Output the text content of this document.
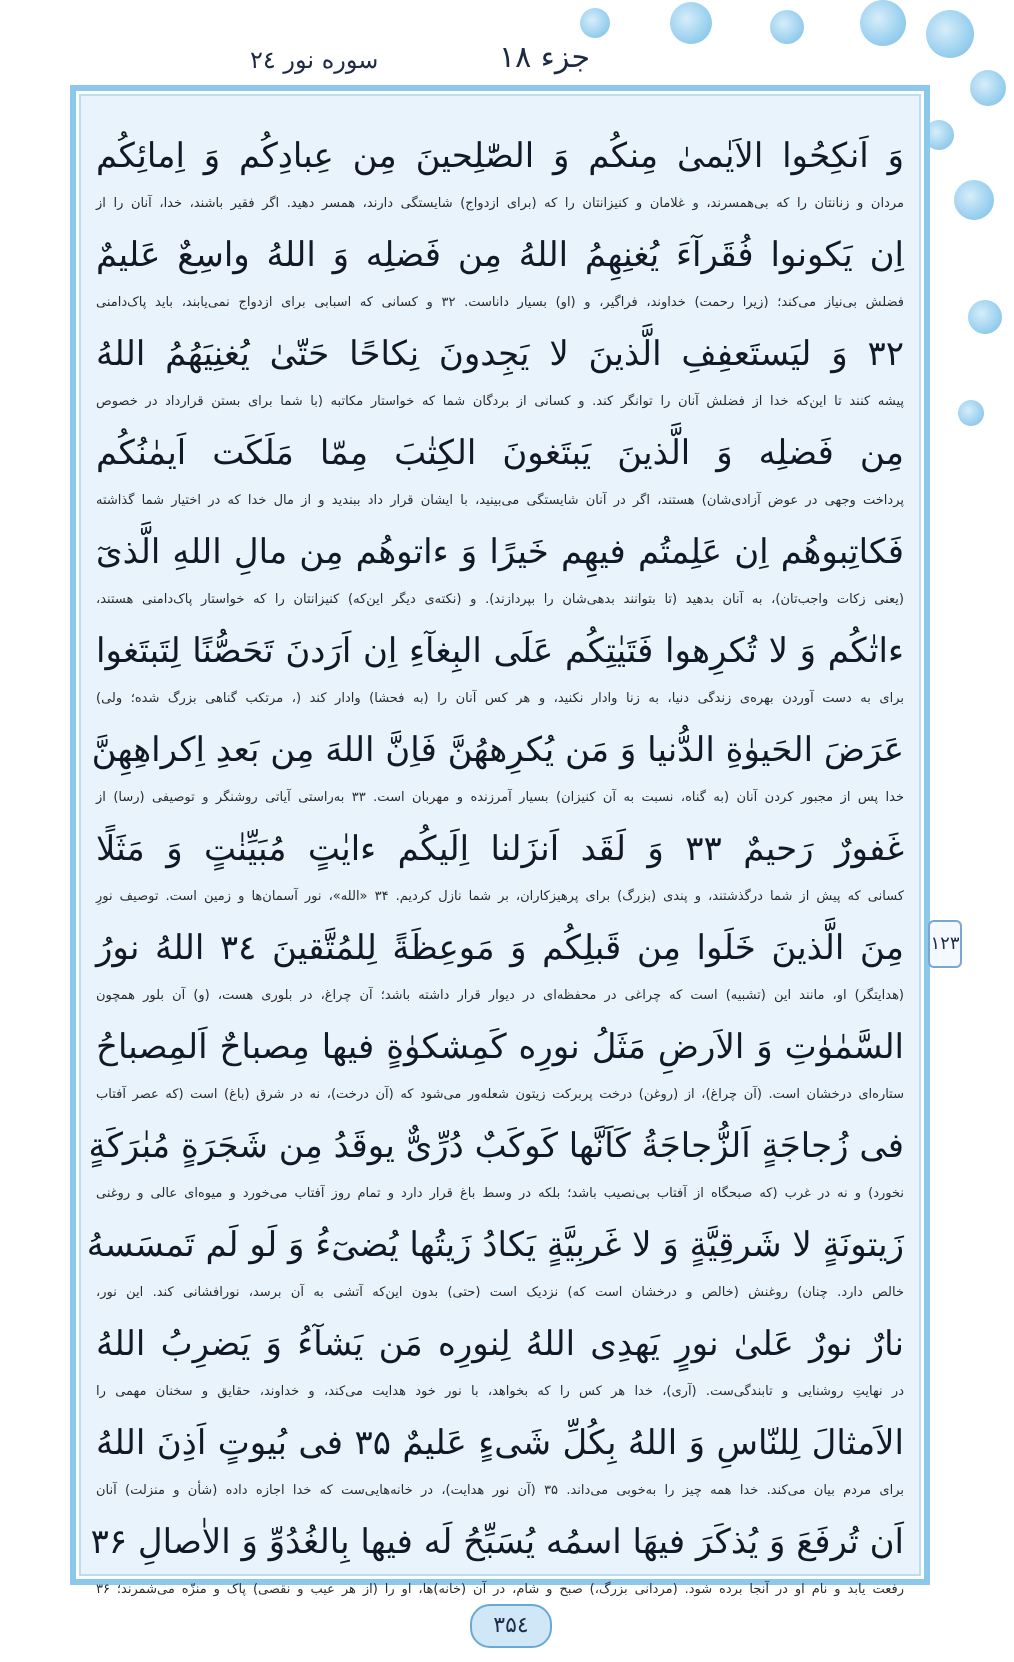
جزء ۱۸
سوره نور ۲٤
۱۲۳
وَ اَنکِحُوا الاَیٰمیٰ مِنکُم وَ الصّٰلِحینَ مِن عِبادِکُم وَ اِمائِکُم
مردان و زنانتان را که بی‌همسرند، و غلامان و کنیزانتان را که (برای ازدواج) شایستگی دارند، همسر دهید. اگر فقیر باشند، خدا، آنان را از
اِن یَکونوا فُقَرآءَ یُغنِهِمُ اللهُ مِن فَضلِه وَ اللهُ واسِعٌ عَلیمٌ
فضلش بی‌نیاز می‌کند؛ (زیرا رحمت) خداوند، فراگیر، و (او) بسیار داناست. ۳۲ و کسانی که اسبابی برای ازدواج نمی‌یابند، باید پاک‌دامنی
۳۲ وَ لیَستَعفِفِ الَّذینَ لا یَجِدونَ نِکاحًا حَتّیٰ یُغنِیَهُمُ اللهُ
پیشه کنند تا این‌که خدا از فضلش آنان را توانگر کند. و کسانی از بردگان شما که خواستار مکاتبه (با شما برای بستن قرارداد در خصوص
مِن فَضلِه وَ الَّذینَ یَبتَغونَ الکِتٰبَ مِمّا مَلَکَت اَیمٰنُکُم
پرداخت وجهی در عوض آزادی‌شان) هستند، اگر در آنان شایستگی می‌بینید، با ایشان قرار داد ببندید و از مال خدا که در اختیار شما گذاشته
فَکاتِبوهُم اِن عَلِمتُم فیهِم خَیرًا وَ ءاتوهُم مِن مالِ اللهِ الَّذیٓ
(یعنی زکات واجب‌تان)، به آنان بدهید (تا بتوانند بدهی‌شان را بپردازند). و (نکته‌ی دیگر این‌که) کنیزانتان را که خواستار پاک‌دامنی هستند،
ءاتٰکُم وَ لا تُکرِهوا فَتَیٰتِکُم عَلَی البِغآءِ اِن اَرَدنَ تَحَصُّنًا لِتَبتَغوا
برای به دست آوردن بهره‌ی زندگی دنیا، به زنا وادار نکنید، و هر کس آنان را (به فحشا) وادار کند (، مرتکب گناهی بزرگ شده؛ ولی)
عَرَضَ الحَیوٰةِ الدُّنیا وَ مَن یُکرِههُنَّ فَاِنَّ اللهَ مِن بَعدِ اِکراهِهِنَّ
خدا پس از مجبور کردن آنان (به گناه، نسبت به آن کنیزان) بسیار آمرزنده و مهربان است. ۳۳ به‌راستی آیاتی روشنگر و توصیفی (رسا) از
غَفورٌ رَحیمٌ ۳۳ وَ لَقَد اَنزَلنا اِلَیکُم ءایٰتٍ مُبَیِّنٰتٍ وَ مَثَلًا
کسانی که پیش از شما درگذشتند، و پندی (بزرگ) برای پرهیزکاران، بر شما نازل کردیم. ۳۴ «الله»، نور آسمان‌ها و زمین است. توصیف نورِ
مِنَ الَّذینَ خَلَوا مِن قَبلِکُم وَ مَوعِظَةً لِلمُتَّقینَ ۳٤ اللهُ نورُ
(هدایتگر) او، مانند این (تشبیه) است که چراغی در محفظه‌ای در دیوار قرار داشته باشد؛ آن چراغ، در بلوری هست، (و) آن بلور همچون
السَّمٰوٰتِ وَ الاَرضِ مَثَلُ نورِه کَمِشکوٰةٍ فیها مِصباحٌ اَلمِصباحُ
ستاره‌ای درخشان است. (آن چراغ)، از (روغن) درخت پربرکت زیتون شعله‌ور می‌شود که (آن درخت)، نه در شرق (باغ) است (که عصر آفتاب
فی زُجاجَةٍ اَلزُّجاجَةُ کَاَنَّها کَوکَبٌ دُرِّیٌّ یوقَدُ مِن شَجَرَةٍ مُبٰرَکَةٍ
نخورد) و نه در غرب (که صبحگاه از آفتاب بی‌نصیب باشد؛ بلکه در وسط باغ قرار دارد و تمام روز آفتاب می‌خورد و میوه‌ای عالی و روغنی
زَیتونَةٍ لا شَرقِیَّةٍ وَ لا غَربِیَّةٍ یَکادُ زَیتُها یُضیٓءُ وَ لَو لَم تَمسَسهُ
خالص دارد. چنان) روغنش (خالص و درخشان است که) نزدیک است (حتی) بدون این‌که آتشی به آن برسد، نورافشانی کند. این نور،
نارٌ نورٌ عَلیٰ نورٍ یَهدِی اللهُ لِنورِه مَن یَشآءُ وَ یَضرِبُ اللهُ
در نهایتِ روشنایی و تابندگی‌ست. (آری)، خدا هر کس را که بخواهد، با نور خود هدایت می‌کند، و خداوند، حقایق و سخنان مهمی را
الاَمثالَ لِلنّاسِ وَ اللهُ بِکُلِّ شَیءٍ عَلیمٌ ۳۵ فی بُیوتٍ اَذِنَ اللهُ
برای مردم بیان می‌کند. خدا همه چیز را به‌خوبی می‌داند. ۳۵ (آن نور هدایت)، در خانه‌هایی‌ست که خدا اجازه داده (شأن و منزلت) آنان
اَن تُرفَعَ وَ یُذکَرَ فیهَا اسمُه یُسَبِّحُ لَه فیها بِالغُدُوِّ وَ الاٰصالِ ۳۶
رفعت یابد و نام او در آنجا برده شود. (مردانی بزرگ،) صبح و شام، در آن (خانه)ها، او را (از هر عیب و نقصی) پاک و منزّه می‌شمرند؛ ۳۶
۳۵٤
